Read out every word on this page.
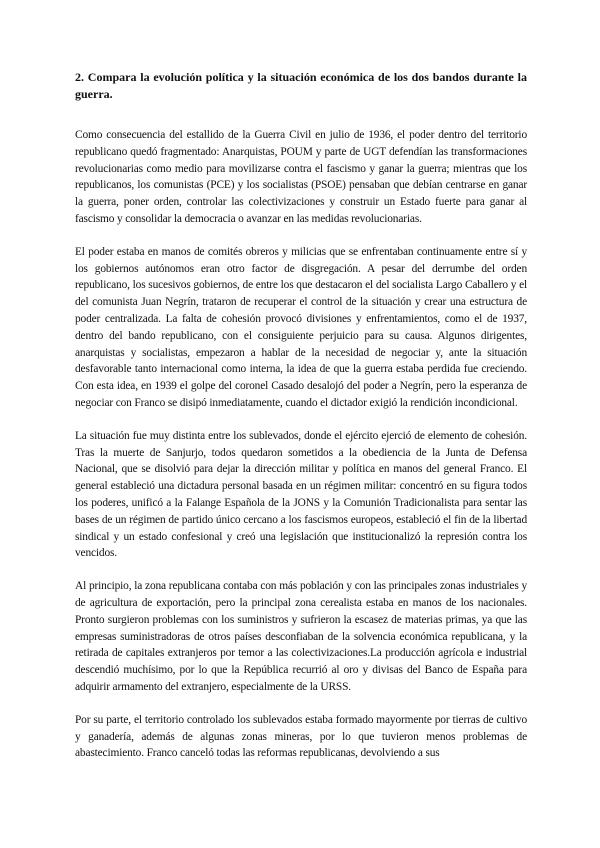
2. Compara la evolución política y la situación económica de los dos bandos durante la guerra.

Como consecuencia del estallido de la Guerra Civil en julio de 1936, el poder dentro del territorio republicano quedó fragmentado: Anarquistas, POUM y parte de UGT defendían las transformaciones revolucionarias como medio para movilizarse contra el fascismo y ganar la guerra; mientras que los republicanos, los comunistas (PCE) y los socialistas (PSOE) pensaban que debían centrarse en ganar la guerra, poner orden, controlar las colectivizaciones y construir un Estado fuerte para ganar al fascismo y consolidar la democracia o avanzar en las medidas revolucionarias.

El poder estaba en manos de comités obreros y milicias que se enfrentaban continuamente entre sí y los gobiernos autónomos eran otro factor de disgregación. A pesar del derrumbe del orden republicano, los sucesivos gobiernos, de entre los que destacaron el del socialista Largo Caballero y el del comunista Juan Negrín, trataron de recuperar el control de la situación y crear una estructura de poder centralizada. La falta de cohesión provocó divisiones y enfrentamientos, como el de 1937, dentro del bando republicano, con el consiguiente perjuicio para su causa. Algunos dirigentes, anarquistas y socialistas, empezaron a hablar de la necesidad de negociar y, ante la situación desfavorable tanto internacional como interna, la idea de que la guerra estaba perdida fue creciendo. Con esta idea, en 1939 el golpe del coronel Casado desalojó del poder a Negrín, pero la esperanza de negociar con Franco se disipó inmediatamente, cuando el dictador exigió la rendición incondicional.

La situación fue muy distinta entre los sublevados, donde el ejército ejerció de elemento de cohesión. Tras la muerte de Sanjurjo, todos quedaron sometidos a la obediencia de la Junta de Defensa Nacional, que se disolvió para dejar la dirección militar y política en manos del general Franco. El general estableció una dictadura personal basada en un régimen militar: concentró en su figura todos los poderes, unificó a la Falange Española de la JONS y la Comunión Tradicionalista para sentar las bases de un régimen de partido único cercano a los fascismos europeos, estableció el fin de la libertad sindical y un estado confesional y creó una legislación que institucionalizó la represión contra los vencidos.

Al principio, la zona republicana contaba con más población y con las principales zonas industriales y de agricultura de exportación, pero la principal zona cerealista estaba en manos de los nacionales. Pronto surgieron problemas con los suministros y sufrieron la escasez de materias primas, ya que las empresas suministradoras de otros países desconfiaban de la solvencia económica republicana, y la retirada de capitales extranjeros por temor a las colectivizaciones.La producción agrícola e industrial descendió muchísimo, por lo que la República recurrió al oro y divisas del Banco de España para adquirir armamento del extranjero, especialmente de la URSS.

Por su parte, el territorio controlado los sublevados estaba formado mayormente por tierras de cultivo y ganadería, además de algunas zonas mineras, por lo que tuvieron menos problemas de abastecimiento. Franco canceló todas las reformas republicanas, devolviendo a sus
